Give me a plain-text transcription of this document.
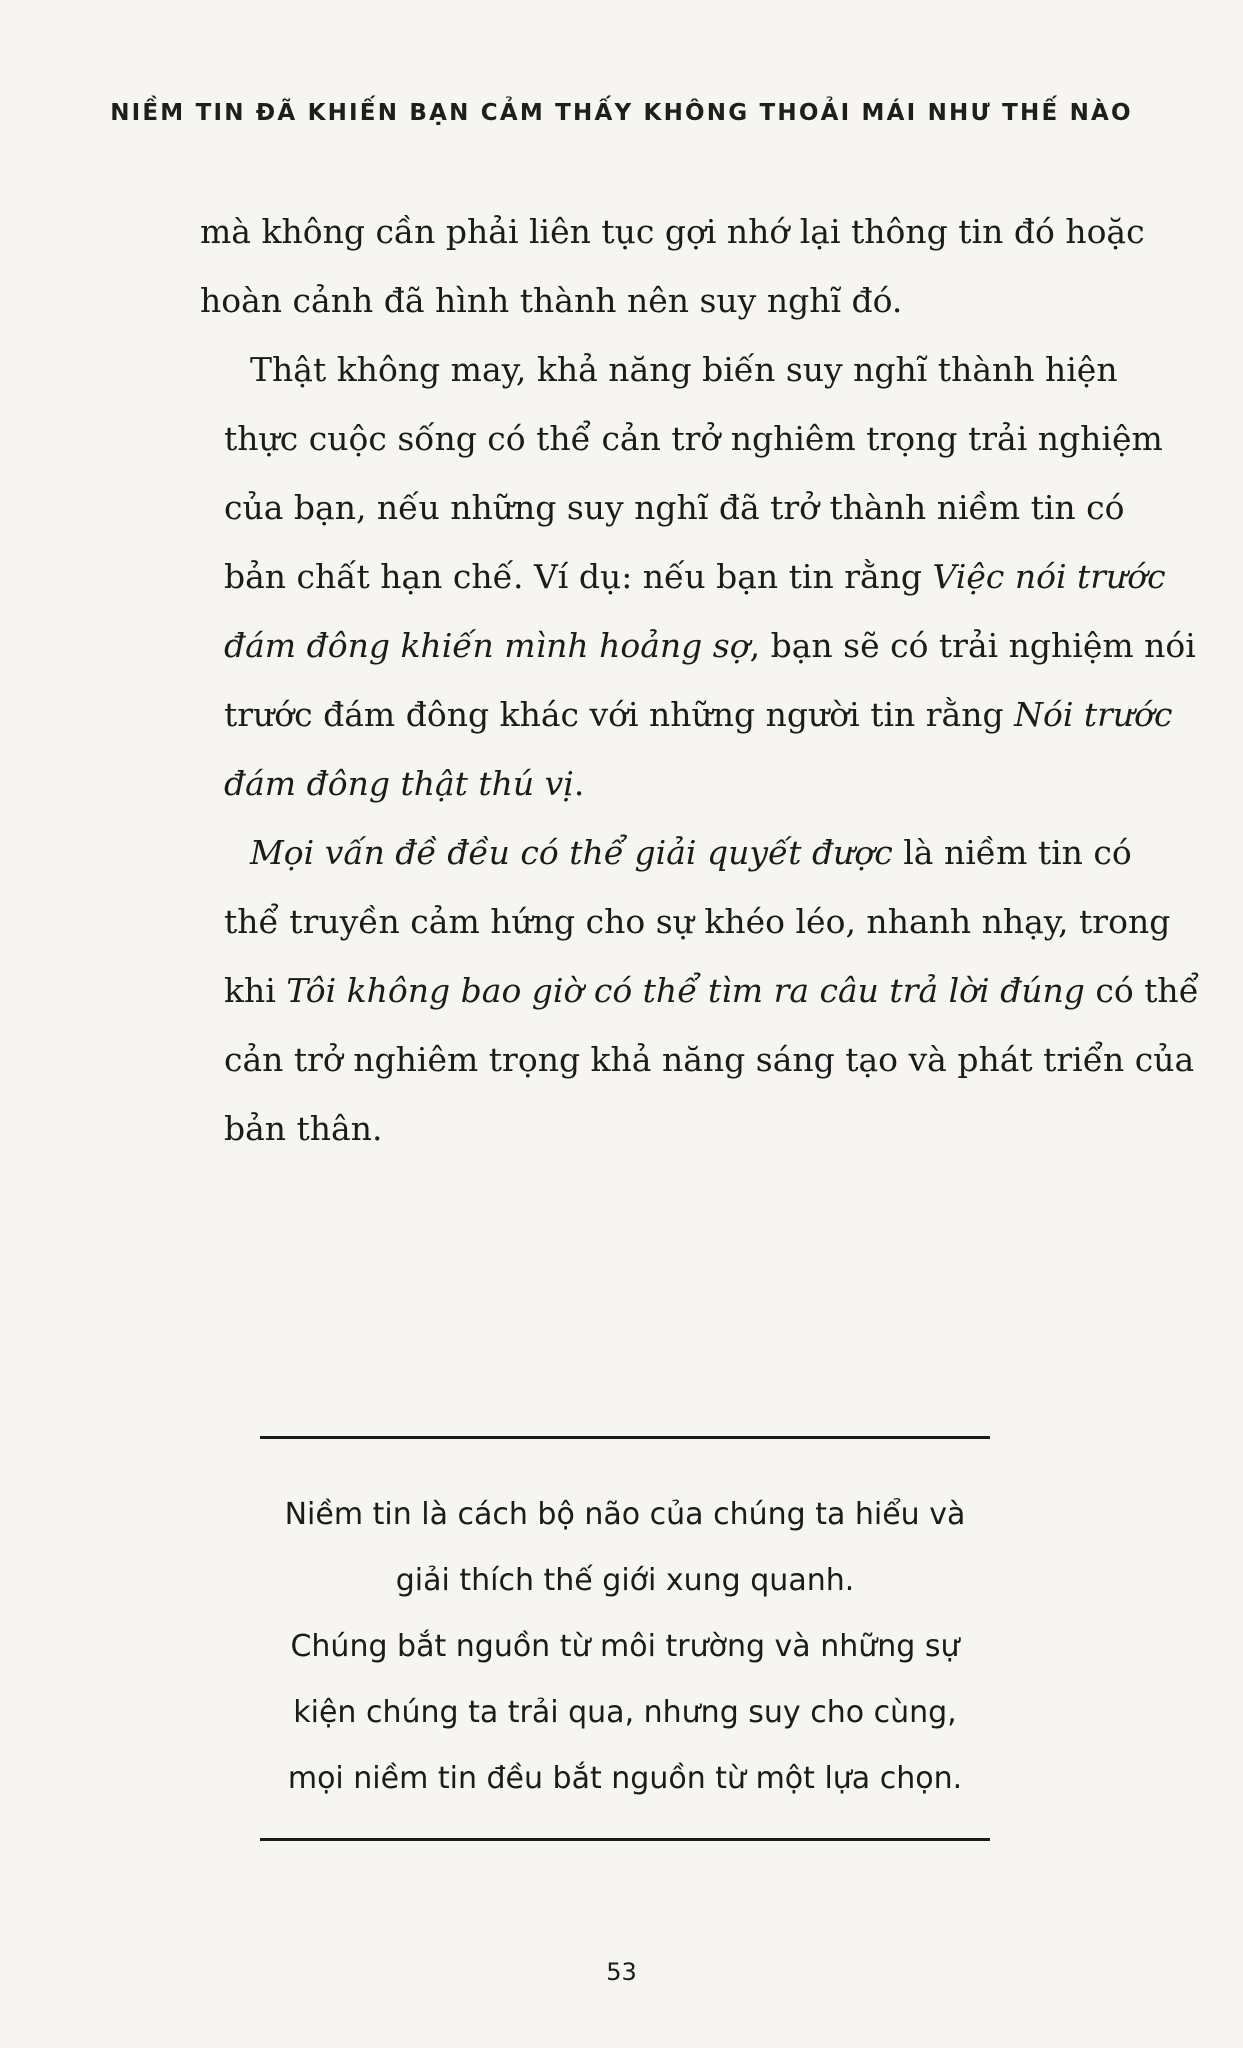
NIỀM TIN ĐÃ KHIẾN BẠN CẢM THẤY KHÔNG THOẢI MÁI NHƯ THẾ NÀO

mà không cần phải liên tục gợi nhớ lại thông tin đó hoặc
hoàn cảnh đã hình thành nên suy nghĩ đó.

Thật không may, khả năng biến suy nghĩ thành hiện
thực cuộc sống có thể cản trở nghiêm trọng trải nghiệm
của bạn, nếu những suy nghĩ đã trở thành niềm tin có
bản chất hạn chế. Ví dụ: nếu bạn tin rằng Việc nói trước
đám đông khiến mình hoảng sợ, bạn sẽ có trải nghiệm nói
trước đám đông khác với những người tin rằng Nói trước
đám đông thật thú vị.

Mọi vấn đề đều có thể giải quyết được là niềm tin có
thể truyền cảm hứng cho sự khéo léo, nhanh nhạy, trong
khi Tôi không bao giờ có thể tìm ra câu trả lời đúng có thể
cản trở nghiêm trọng khả năng sáng tạo và phát triển của
bản thân.

Niềm tin là cách bộ não của chúng ta hiểu và
giải thích thế giới xung quanh.
Chúng bắt nguồn từ môi trường và những sự
kiện chúng ta trải qua, nhưng suy cho cùng,
mọi niềm tin đều bắt nguồn từ một lựa chọn.
53
